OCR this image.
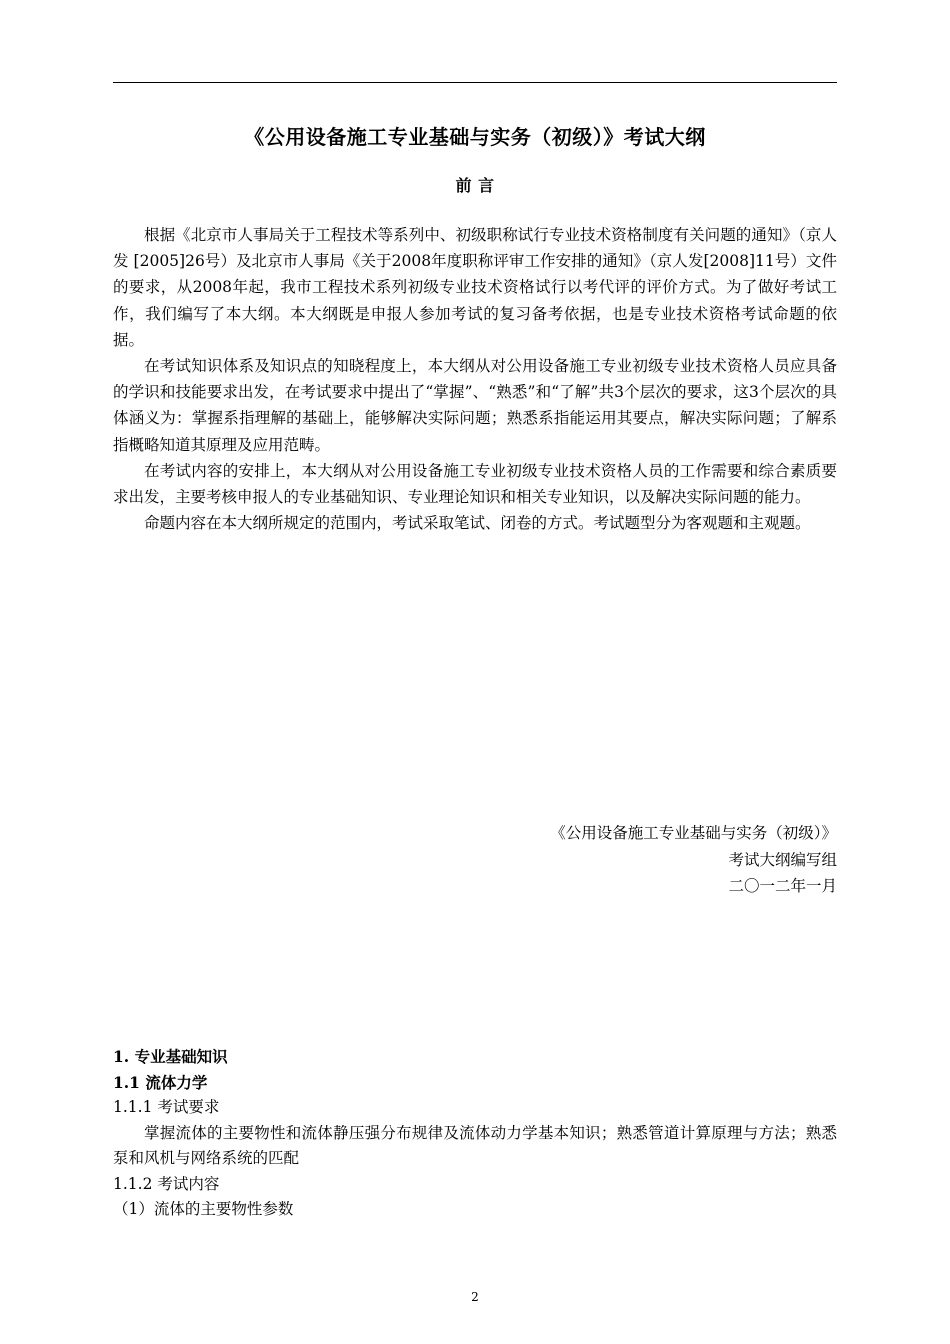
《公用设备施工专业基础与实务（初级）》考试大纲
前 言

根据《北京市人事局关于工程技术等系列中、初级职称试行专业技术资格制度有关问题的通知》（京人发 [2005]26号）及北京市人事局《关于2008年度职称评审工作安排的通知》（京人发[2008]11号）文件的要求，从2008年起，我市工程技术系列初级专业技术资格试行以考代评的评价方式。为了做好考试工作，我们编写了本大纲。本大纲既是申报人参加考试的复习备考依据，也是专业技术资格考试命题的依据。

在考试知识体系及知识点的知晓程度上，本大纲从对公用设备施工专业初级专业技术资格人员应具备的学识和技能要求出发，在考试要求中提出了“掌握”、“熟悉”和“了解”共3个层次的要求，这3个层次的具体涵义为：掌握系指理解的基础上，能够解决实际问题；熟悉系指能运用其要点，解决实际问题；了解系指概略知道其原理及应用范畴。

在考试内容的安排上，本大纲从对公用设备施工专业初级专业技术资格人员的工作需要和综合素质要求出发，主要考核申报人的专业基础知识、专业理论知识和相关专业知识，以及解决实际问题的能力。

命题内容在本大纲所规定的范围内，考试采取笔试、闭卷的方式。考试题型分为客观题和主观题。

《公用设备施工专业基础与实务（初级）》
考试大纲编写组
二〇一二年一月
1. 专业基础知识
1.1 流体力学
1.1.1 考试要求
掌握流体的主要物性和流体静压强分布规律及流体动力学基本知识；熟悉管道计算原理与方法；熟悉泵和风机与网络系统的匹配
1.1.2 考试内容
（1）流体的主要物性参数
2
